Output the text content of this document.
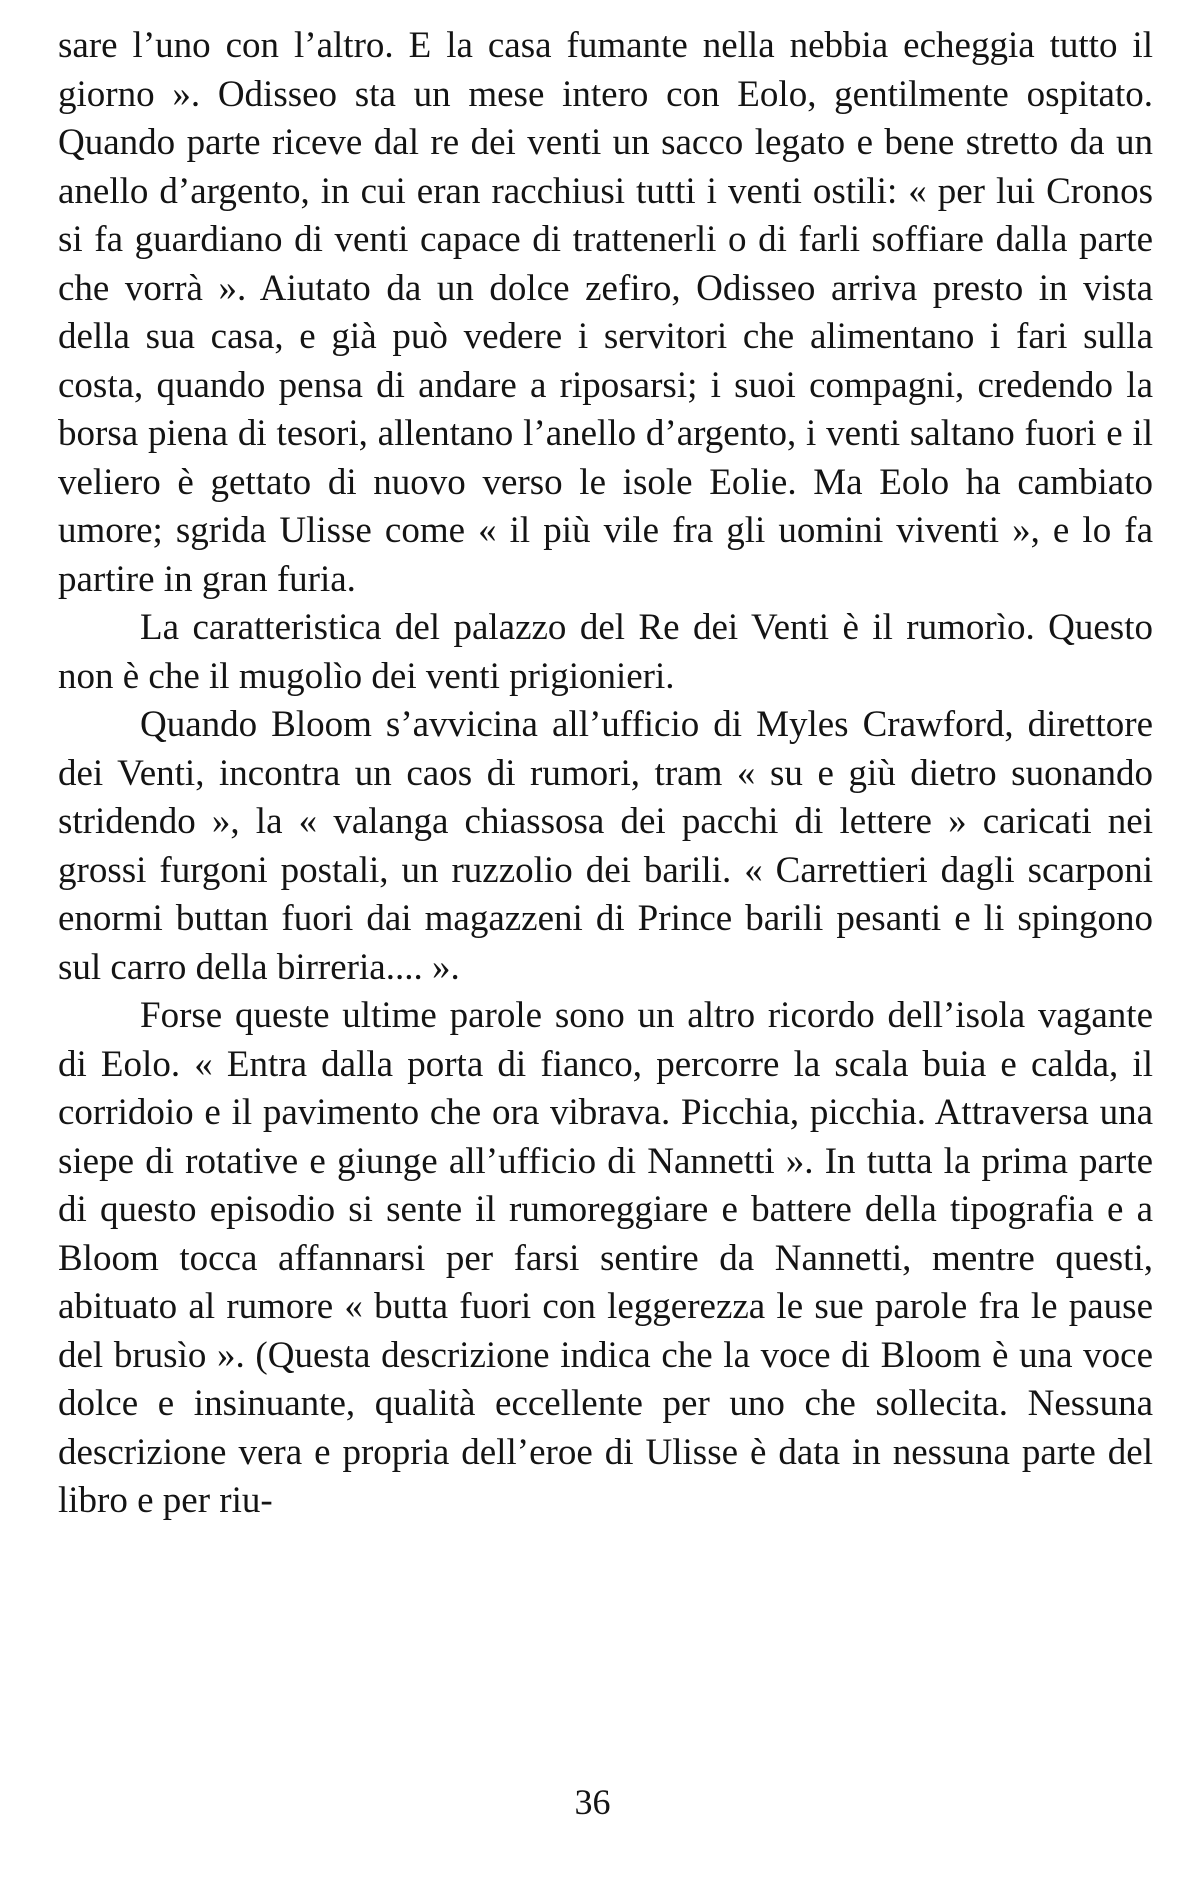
sare l’uno con l’altro. E la casa fumante nella nebbia echeggia tutto il giorno ». Odisseo sta un mese intero con Eolo, gentilmente ospitato. Quando parte riceve dal re dei venti un sacco legato e bene stretto da un anello d’argento, in cui eran racchiusi tutti i venti ostili: « per lui Cronos si fa guardiano di venti capace di trattenerli o di farli soffiare dalla parte che vorrà ». Aiutato da un dolce zefiro, Odisseo arriva presto in vista della sua casa, e già può vedere i servitori che alimentano i fari sulla costa, quando pensa di andare a riposarsi; i suoi compagni, credendo la borsa piena di tesori, allentano l’anello d’argento, i venti saltano fuori e il veliero è gettato di nuovo verso le isole Eolie. Ma Eolo ha cambiato umore; sgrida Ulisse come « il più vile fra gli uomini viventi », e lo fa partire in gran furia.

La caratteristica del palazzo del Re dei Venti è il rumorìo. Questo non è che il mugolìo dei venti prigionieri.

Quando Bloom s’avvicina all’ufficio di Myles Crawford, direttore dei Venti, incontra un caos di rumori, tram « su e giù dietro suonando stridendo », la « valanga chiassosa dei pacchi di lettere » caricati nei grossi furgoni postali, un ruzzolio dei barili. « Carrettieri dagli scarponi enormi buttan fuori dai magazzeni di Prince barili pesanti e li spingono sul carro della birreria.... ».

Forse queste ultime parole sono un altro ricordo dell’isola vagante di Eolo. « Entra dalla porta di fianco, percorre la scala buia e calda, il corridoio e il pavimento che ora vibrava. Picchia, picchia. Attraversa una siepe di rotative e giunge all’ufficio di Nannetti ». In tutta la prima parte di questo episodio si sente il rumoreggiare e battere della tipografia e a Bloom tocca affannarsi per farsi sentire da Nannetti, mentre questi, abituato al rumore « butta fuori con leggerezza le sue parole fra le pause del brusìo ». (Questa descrizione indica che la voce di Bloom è una voce dolce e insinuante, qualità eccellente per uno che sollecita. Nessuna descrizione vera e propria dell’eroe di Ulisse è data in nessuna parte del libro e per riu-

36
